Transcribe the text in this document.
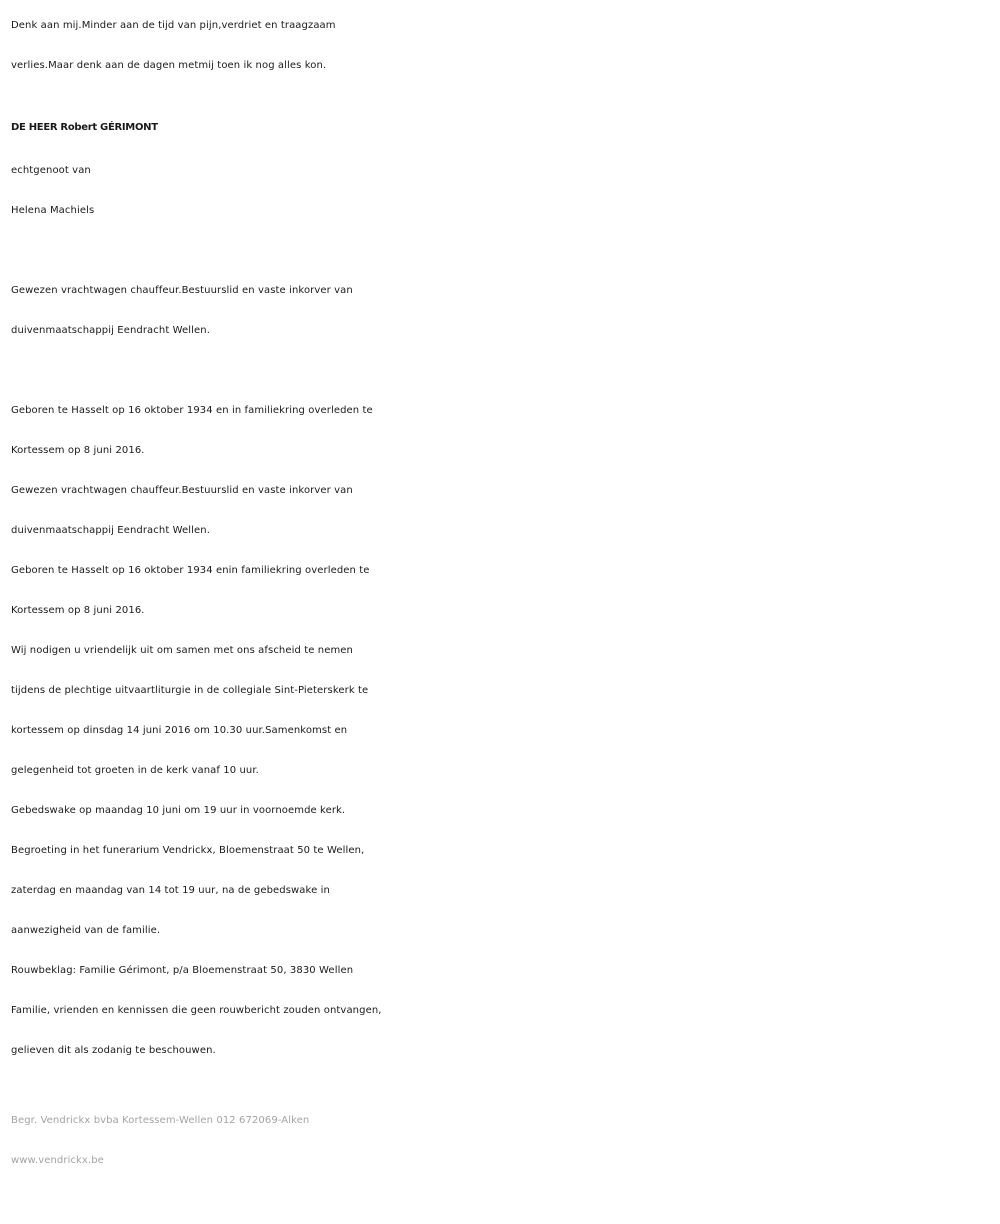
Denk aan mij.Minder aan de tijd van pijn,verdriet en traagzaam
verlies.Maar denk aan de dagen metmij toen ik nog alles kon.
DE HEER Robert GÉRIMONT
echtgenoot van
Helena Machiels
Gewezen vrachtwagen chauffeur.Bestuurslid en vaste inkorver van
duivenmaatschappij Eendracht Wellen.
Geboren te Hasselt op 16 oktober 1934 en in familiekring overleden te
Kortessem op 8 juni 2016.
Gewezen vrachtwagen chauffeur.Bestuurslid en vaste inkorver van
duivenmaatschappij Eendracht Wellen.
Geboren te Hasselt op 16 oktober 1934 enin familiekring overleden te
Kortessem op 8 juni 2016.
Wij nodigen u vriendelijk uit om samen met ons afscheid te nemen
tijdens de plechtige uitvaartliturgie in de collegiale Sint-Pieterskerk te
kortessem op dinsdag 14 juni 2016 om 10.30 uur.Samenkomst en
gelegenheid tot groeten in de kerk vanaf 10 uur.
Gebedswake op maandag 10 juni om 19 uur in voornoemde kerk.
Begroeting in het funerarium Vendrickx, Bloemenstraat 50 te Wellen,
zaterdag en maandag van 14 tot 19 uur, na de gebedswake in
aanwezigheid van de familie.
Rouwbeklag: Familie Gérimont, p/a Bloemenstraat 50, 3830 Wellen
Familie, vrienden en kennissen die geen rouwbericht zouden ontvangen,
gelieven dit als zodanig te beschouwen.
Begr. Vendrickx bvba Kortessem-Wellen 012 672069-Alken
www.vendrickx.be
